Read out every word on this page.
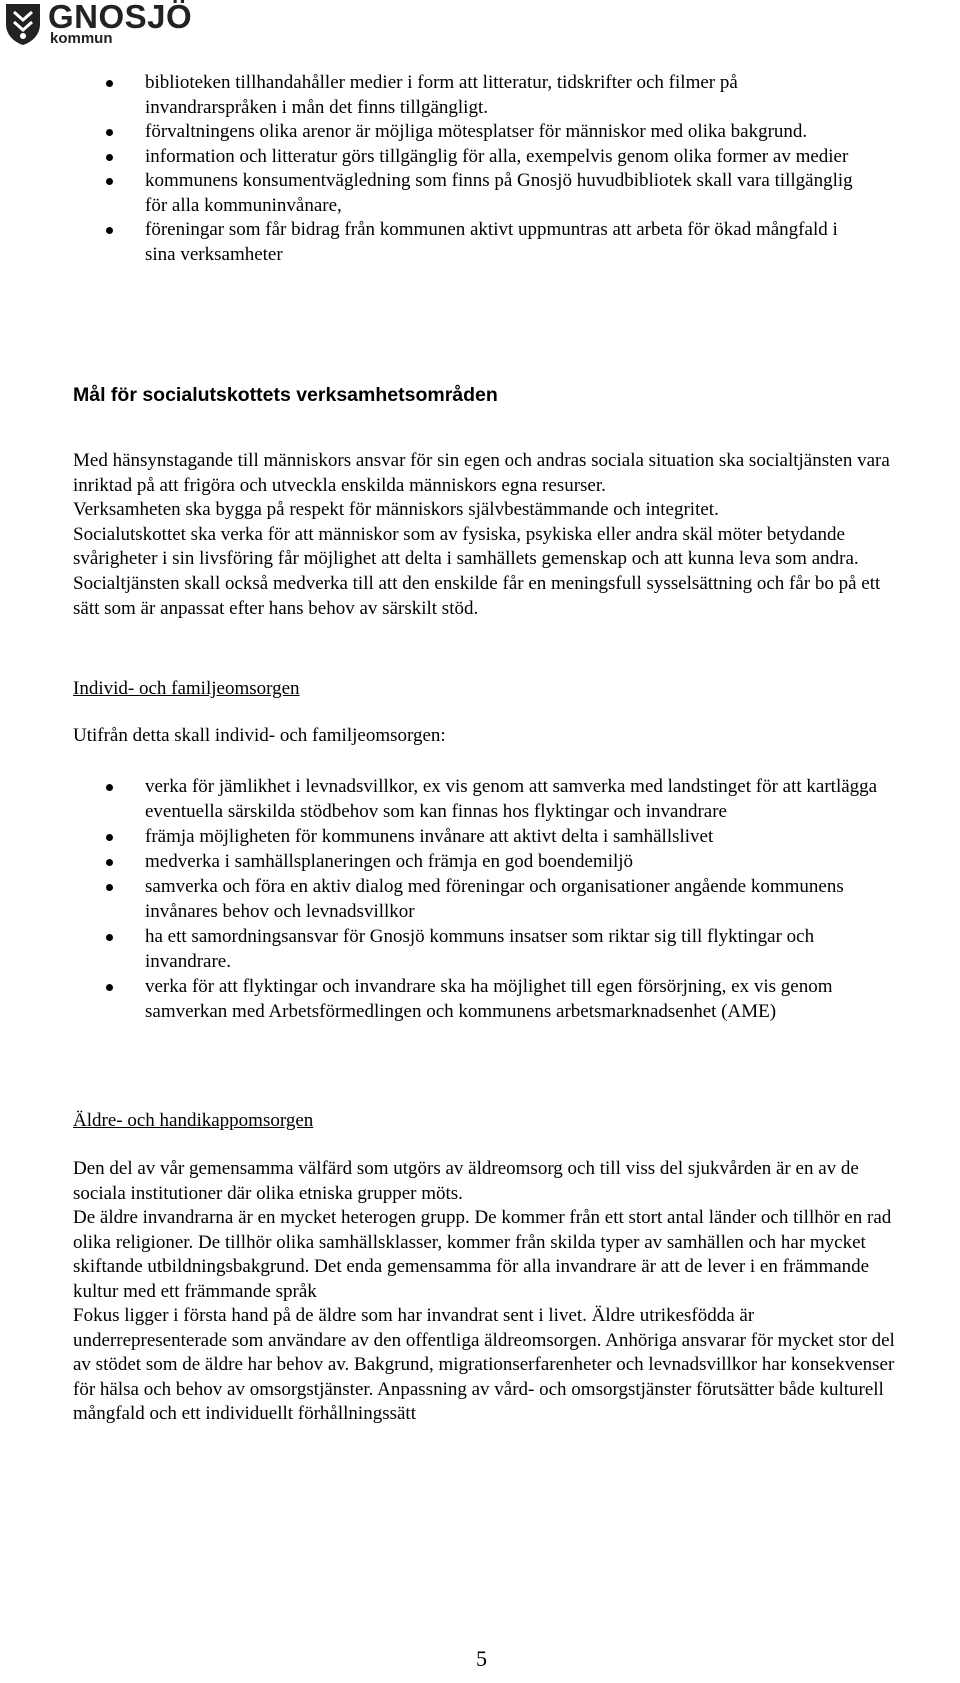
GNOSJÖ
kommun
biblioteken tillhandahåller medier i form att litteratur, tidskrifter och filmer på invandrarspråken i mån det finns tillgängligt.
förvaltningens olika arenor är möjliga mötesplatser för människor med olika bakgrund.
information och litteratur görs tillgänglig för alla, exempelvis genom olika former av medier
kommunens konsumentvägledning som finns på Gnosjö huvudbibliotek skall vara tillgänglig för alla kommuninvånare,
föreningar som får bidrag från kommunen aktivt uppmuntras att arbeta för ökad mångfald i sina verksamheter
Mål för socialutskottets verksamhetsområden
Med hänsynstagande till människors ansvar för sin egen och andras sociala situation ska socialtjänsten vara inriktad på att frigöra och utveckla enskilda människors egna resurser.
Verksamheten ska bygga på respekt för människors självbestämmande och integritet.
Socialutskottet ska verka för att människor som av fysiska, psykiska eller andra skäl möter betydande svårigheter i sin livsföring får möjlighet att delta i samhällets gemenskap och att kunna leva som andra.
Socialtjänsten skall också medverka till att den enskilde får en meningsfull sysselsättning och får bo på ett sätt som är anpassat efter hans behov av särskilt stöd.
Individ- och familjeomsorgen
Utifrån detta skall individ- och familjeomsorgen:
verka för jämlikhet i levnadsvillkor, ex vis genom att samverka med landstinget för att kartlägga eventuella särskilda stödbehov som kan finnas hos flyktingar och invandrare
främja möjligheten för kommunens invånare att aktivt delta i samhällslivet
medverka i samhällsplaneringen och främja en god boendemiljö
samverka och föra en aktiv dialog med föreningar och organisationer angående kommunens invånares behov och levnadsvillkor
ha ett samordningsansvar för Gnosjö kommuns insatser som riktar sig till flyktingar och invandrare.
verka för att flyktingar och invandrare ska ha möjlighet till egen försörjning, ex vis genom samverkan med Arbetsförmedlingen och kommunens arbetsmarknadsenhet (AME)
Äldre- och handikappomsorgen
Den del av vår gemensamma välfärd som utgörs av äldreomsorg och till viss del sjukvården är en av de sociala institutioner där olika etniska grupper möts.
De äldre invandrarna är en mycket heterogen grupp. De kommer från ett stort antal länder och tillhör en rad olika religioner. De tillhör olika samhällsklasser, kommer från skilda typer av samhällen och har mycket skiftande utbildningsbakgrund. Det enda gemensamma för alla invandrare är att de lever i en främmande kultur med ett främmande språk
Fokus ligger i första hand på de äldre som har invandrat sent i livet. Äldre utrikesfödda är underrepresenterade som användare av den offentliga äldreomsorgen. Anhöriga ansvarar för mycket stor del av stödet som de äldre har behov av. Bakgrund, migrationserfarenheter och levnadsvillkor har konsekvenser för hälsa och behov av omsorgstjänster. Anpassning av vård- och omsorgstjänster förutsätter både kulturell mångfald och ett individuellt förhållningssätt
5
